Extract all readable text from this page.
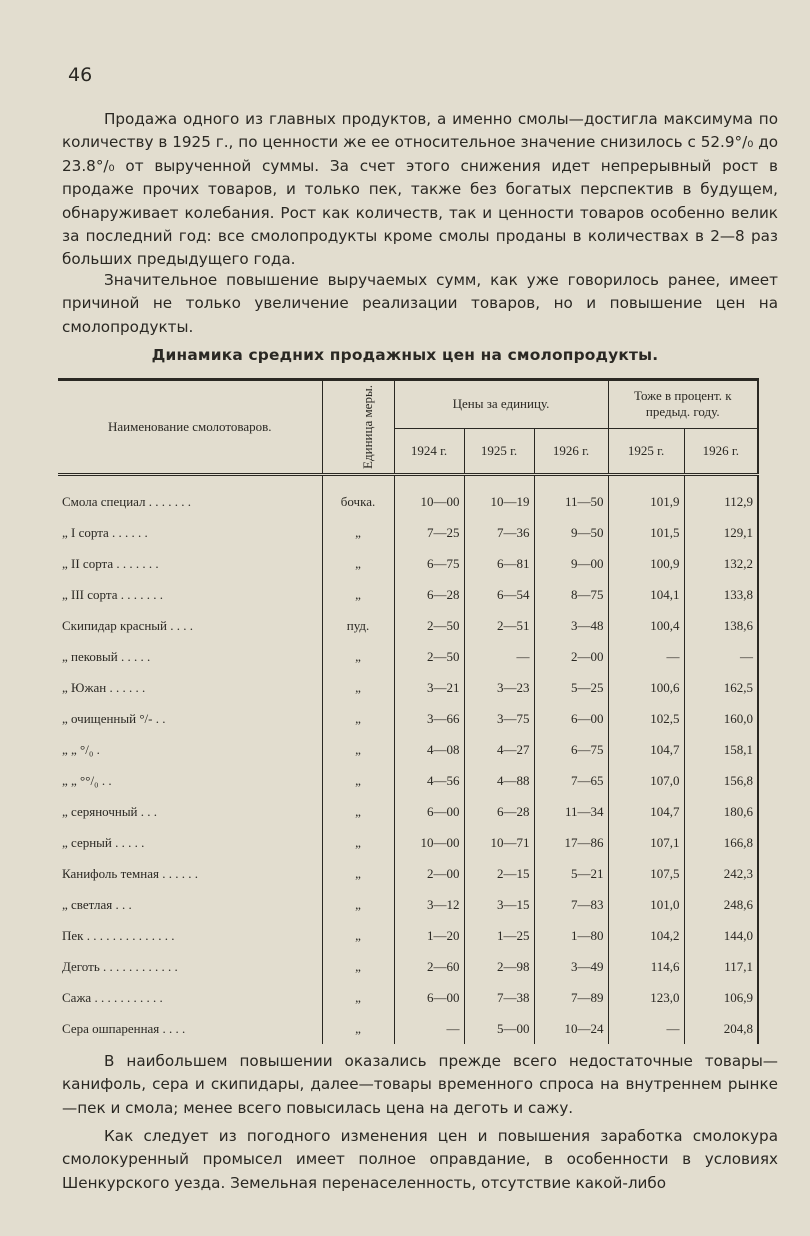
46

Продажа одного из главных продуктов, а именно смолы—достигла максимума по количеству в 1925 г., по ценности же ее относительное значение снизилось с 52.9°/₀ до 23.8°/₀ от вырученной суммы. За счет этого снижения идет непрерывный рост в продаже прочих товаров, и только пек, также без богатых перспектив в будущем, обнаруживает колебания. Рост как количеств, так и ценности товаров особенно велик за последний год: все смолопродукты кроме смолы проданы в количествах в 2—8 раз больших предыдущего года.

Значительное повышение выручаемых сумм, как уже говорилось ранее, имеет причиной не только увеличение реализации товаров, но и повышение цен на смолопродукты.

Динамика средних продажных цен на смолопродукты.
Наименование смолотоваров.	Единица меры.	Цены за единицу.			Тоже в процент. к предыд. году.	
		1924 г.	1925 г.	1926 г.	1925 г.	1926 г.
Смола специал . . . . . . .	бочка.	10—00	10—19	11—50	101,9	112,9
„ I сорта . . . . . .	„	7—25	7—36	9—50	101,5	129,1
„ II сорта . . . . . . .	„	6—75	6—81	9—00	100,9	132,2
„ III сорта . . . . . . .	„	6—28	6—54	8—75	104,1	133,8
Скипидар красный . . . .	пуд.	2—50	2—51	3—48	100,4	138,6
„ пековый . . . . .	„	2—50	—	2—00	—	—
„ Южан . . . . . .	„	3—21	3—23	5—25	100,6	162,5
„ очищенный °/- . .	„	3—66	3—75	6—00	102,5	160,0
„ „ °/₀ .	„	4—08	4—27	6—75	104,7	158,1
„ „ °°/₀ . .	„	4—56	4—88	7—65	107,0	156,8
„ серяночный . . .	„	6—00	6—28	11—34	104,7	180,6
„ серный . . . . .	„	10—00	10—71	17—86	107,1	166,8
Канифоль темная . . . . . .	„	2—00	2—15	5—21	107,5	242,3
„ светлая . . .	„	3—12	3—15	7—83	101,0	248,6
Пек . . . . . . . . . . . . . .	„	1—20	1—25	1—80	104,2	144,0
Деготь . . . . . . . . . . . .	„	2—60	2—98	3—49	114,6	117,1
Сажа . . . . . . . . . . .	„	6—00	7—38	7—89	123,0	106,9
Сера ошпаренная . . . .	„	—	5—00	10—24	—	204,8

В наибольшем повышении оказались прежде всего недостаточные товары—канифоль, сера и скипидары, далее—товары временного спроса на внутреннем рынке—пек и смола; менее всего повысилась цена на деготь и сажу.

Как следует из погодного изменения цен и повышения заработка смолокура смолокуренный промысел имеет полное оправдание, в особенности в условиях Шенкурского уезда. Земельная перенаселенность, отсутствие какой-либо
